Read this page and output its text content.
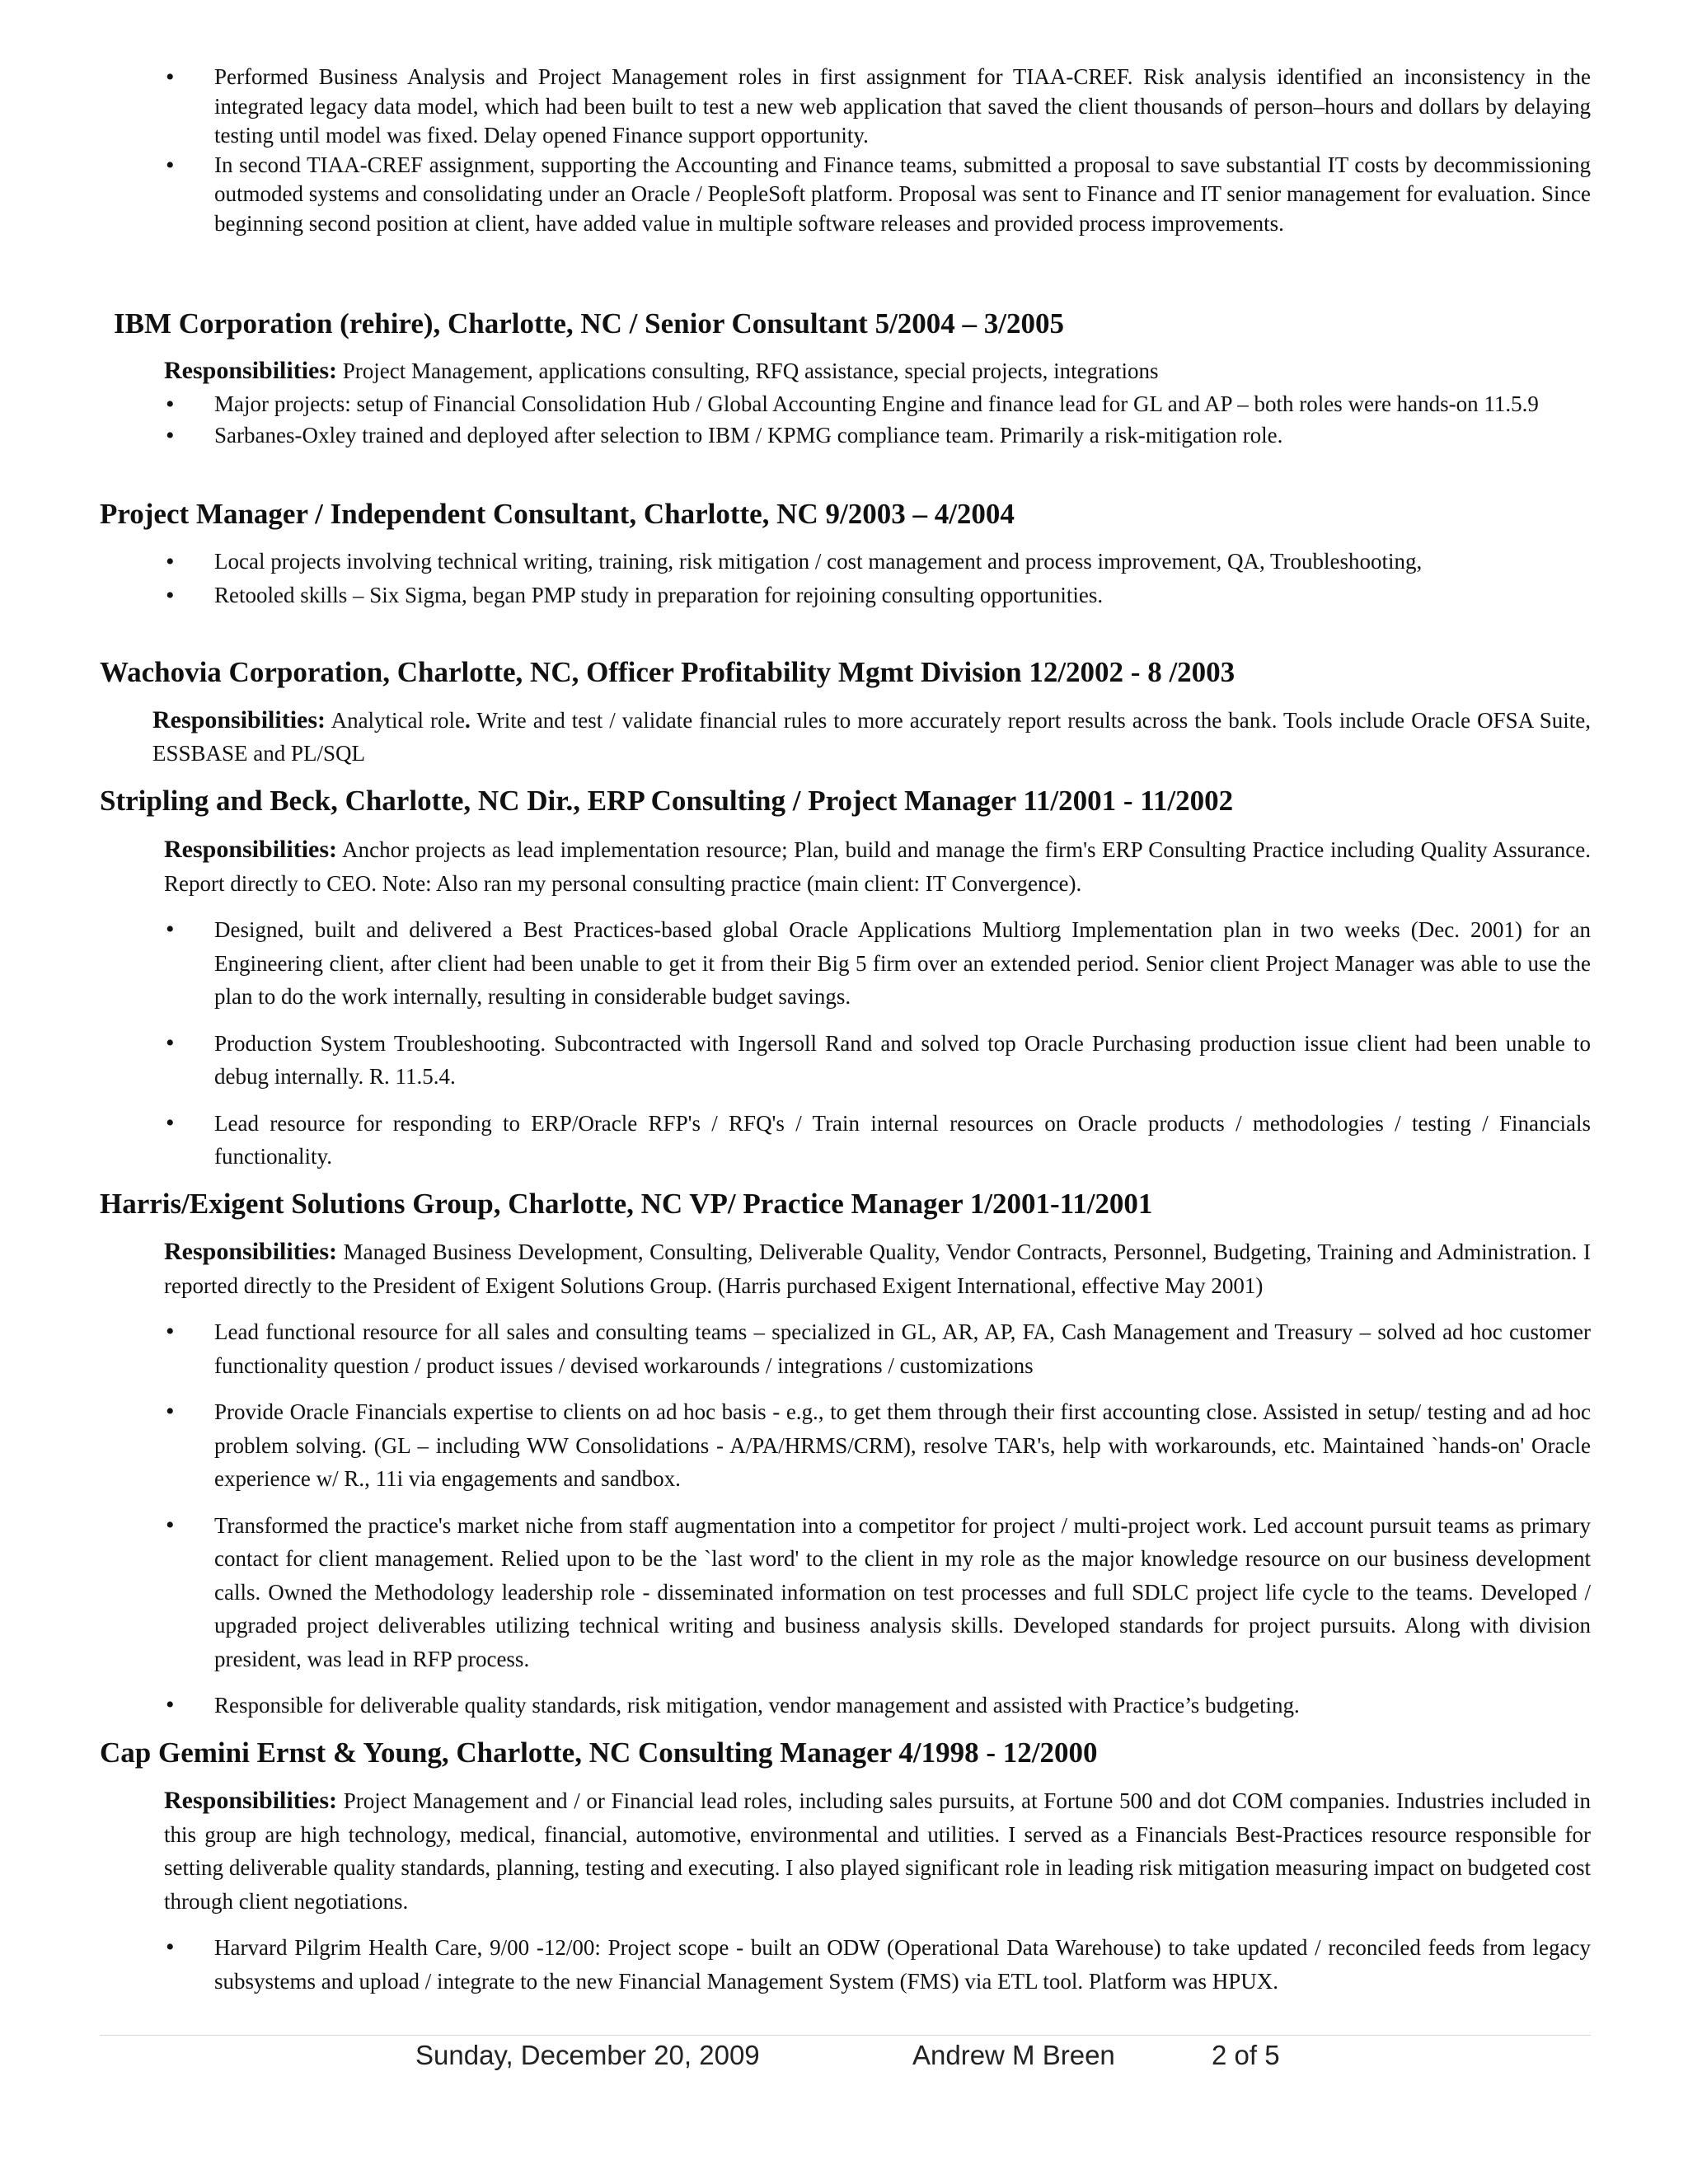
• Performed Business Analysis and Project Management roles in first assignment for TIAA-CREF. Risk analysis identified an inconsistency in the integrated legacy data model, which had been built to test a new web application that saved the client thousands of person–hours and dollars by delaying testing until model was fixed. Delay opened Finance support opportunity.
• In second TIAA-CREF assignment, supporting the Accounting and Finance teams, submitted a proposal to save substantial IT costs by decommissioning outmoded systems and consolidating under an Oracle / PeopleSoft platform. Proposal was sent to Finance and IT senior management for evaluation. Since beginning second position at client, have added value in multiple software releases and provided process improvements.
IBM Corporation (rehire), Charlotte, NC / Senior Consultant 5/2004 – 3/2005

Responsibilities: Project Management, applications consulting, RFQ assistance, special projects, integrations

• Major projects: setup of Financial Consolidation Hub / Global Accounting Engine and finance lead for GL and AP – both roles were hands-on 11.5.9
• Sarbanes-Oxley trained and deployed after selection to IBM / KPMG compliance team. Primarily a risk-mitigation role.
Project Manager / Independent Consultant, Charlotte, NC 9/2003 – 4/2004
• Local projects involving technical writing, training, risk mitigation / cost management and process improvement, QA, Troubleshooting,
• Retooled skills – Six Sigma, began PMP study in preparation for rejoining consulting opportunities.
Wachovia Corporation, Charlotte, NC, Officer Profitability Mgmt Division 12/2002 - 8 /2003

Responsibilities: Analytical role. Write and test / validate financial rules to more accurately report results across the bank. Tools include Oracle OFSA Suite, ESSBASE and PL/SQL

Stripling and Beck, Charlotte, NC Dir., ERP Consulting / Project Manager 11/2001 - 11/2002

Responsibilities: Anchor projects as lead implementation resource; Plan, build and manage the firm's ERP Consulting Practice including Quality Assurance. Report directly to CEO. Note: Also ran my personal consulting practice (main client: IT Convergence).

• Designed, built and delivered a Best Practices-based global Oracle Applications Multiorg Implementation plan in two weeks (Dec. 2001) for an Engineering client, after client had been unable to get it from their Big 5 firm over an extended period. Senior client Project Manager was able to use the plan to do the work internally, resulting in considerable budget savings.
• Production System Troubleshooting. Subcontracted with Ingersoll Rand and solved top Oracle Purchasing production issue client had been unable to debug internally. R. 11.5.4.
• Lead resource for responding to ERP/Oracle RFP's / RFQ's / Train internal resources on Oracle products / methodologies / testing / Financials functionality.
Harris/Exigent Solutions Group, Charlotte, NC VP/ Practice Manager 1/2001-11/2001

Responsibilities: Managed Business Development, Consulting, Deliverable Quality, Vendor Contracts, Personnel, Budgeting, Training and Administration. I reported directly to the President of Exigent Solutions Group. (Harris purchased Exigent International, effective May 2001)

• Lead functional resource for all sales and consulting teams – specialized in GL, AR, AP, FA, Cash Management and Treasury – solved ad hoc customer functionality question / product issues / devised workarounds / integrations / customizations
• Provide Oracle Financials expertise to clients on ad hoc basis - e.g., to get them through their first accounting close. Assisted in setup/ testing and ad hoc problem solving. (GL – including WW Consolidations - A/PA/HRMS/CRM), resolve TAR's, help with workarounds, etc. Maintained `hands-on' Oracle experience w/ R., 11i via engagements and sandbox.
• Transformed the practice's market niche from staff augmentation into a competitor for project / multi-project work. Led account pursuit teams as primary contact for client management. Relied upon to be the `last word' to the client in my role as the major knowledge resource on our business development calls. Owned the Methodology leadership role - disseminated information on test processes and full SDLC project life cycle to the teams. Developed / upgraded project deliverables utilizing technical writing and business analysis skills. Developed standards for project pursuits. Along with division president, was lead in RFP process.
• Responsible for deliverable quality standards, risk mitigation, vendor management and assisted with Practice’s budgeting.
Cap Gemini Ernst & Young, Charlotte, NC Consulting Manager 4/1998 - 12/2000

Responsibilities: Project Management and / or Financial lead roles, including sales pursuits, at Fortune 500 and dot COM companies. Industries included in this group are high technology, medical, financial, automotive, environmental and utilities. I served as a Financials Best-Practices resource responsible for setting deliverable quality standards, planning, testing and executing. I also played significant role in leading risk mitigation measuring impact on budgeted cost through client negotiations.

• Harvard Pilgrim Health Care, 9/00 -12/00: Project scope - built an ODW (Operational Data Warehouse) to take updated / reconciled feeds from legacy subsystems and upload / integrate to the new Financial Management System (FMS) via ETL tool. Platform was HPUX.
Sunday, December 20, 2009	Andrew M Breen	2 of 5
